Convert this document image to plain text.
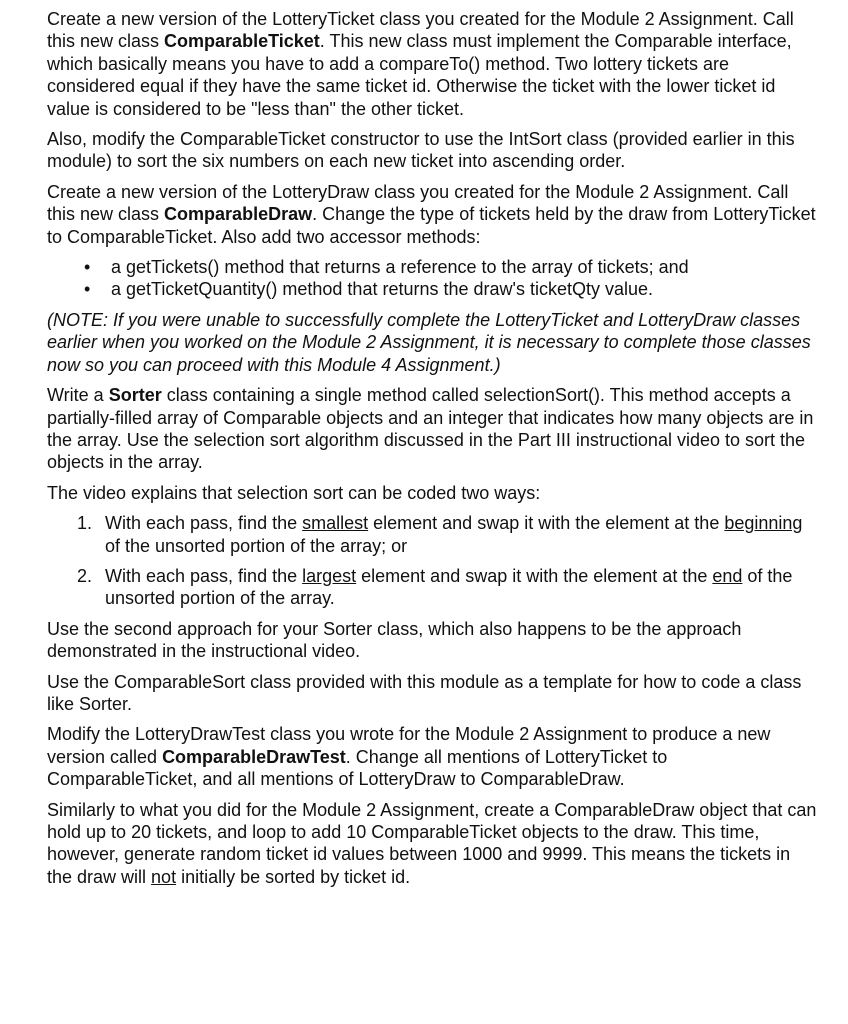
Create a new version of the LotteryTicket class you created for the Module 2 Assignment. Call this new class ComparableTicket. This new class must implement the Comparable interface, which basically means you have to add a compareTo() method. Two lottery tickets are considered equal if they have the same ticket id. Otherwise the ticket with the lower ticket id value is considered to be "less than" the other ticket.

Also, modify the ComparableTicket constructor to use the IntSort class (provided earlier in this module) to sort the six numbers on each new ticket into ascending order.

Create a new version of the LotteryDraw class you created for the Module 2 Assignment. Call this new class ComparableDraw. Change the type of tickets held by the draw from LotteryTicket to ComparableTicket. Also add two accessor methods:

• a getTickets() method that returns a reference to the array of tickets; and
• a getTicketQuantity() method that returns the draw's ticketQty value.

(NOTE: If you were unable to successfully complete the LotteryTicket and LotteryDraw classes earlier when you worked on the Module 2 Assignment, it is necessary to complete those classes now so you can proceed with this Module 4 Assignment.)

Write a Sorter class containing a single method called selectionSort(). This method accepts a partially-filled array of Comparable objects and an integer that indicates how many objects are in the array. Use the selection sort algorithm discussed in the Part III instructional video to sort the objects in the array.

The video explains that selection sort can be coded two ways:

1. With each pass, find the smallest element and swap it with the element at the beginning of the unsorted portion of the array; or
2. With each pass, find the largest element and swap it with the element at the end of the unsorted portion of the array.

Use the second approach for your Sorter class, which also happens to be the approach demonstrated in the instructional video.

Use the ComparableSort class provided with this module as a template for how to code a class like Sorter.

Modify the LotteryDrawTest class you wrote for the Module 2 Assignment to produce a new version called ComparableDrawTest. Change all mentions of LotteryTicket to ComparableTicket, and all mentions of LotteryDraw to ComparableDraw.

Similarly to what you did for the Module 2 Assignment, create a ComparableDraw object that can hold up to 20 tickets, and loop to add 10 ComparableTicket objects to the draw. This time, however, generate random ticket id values between 1000 and 9999. This means the tickets in the draw will not initially be sorted by ticket id.
